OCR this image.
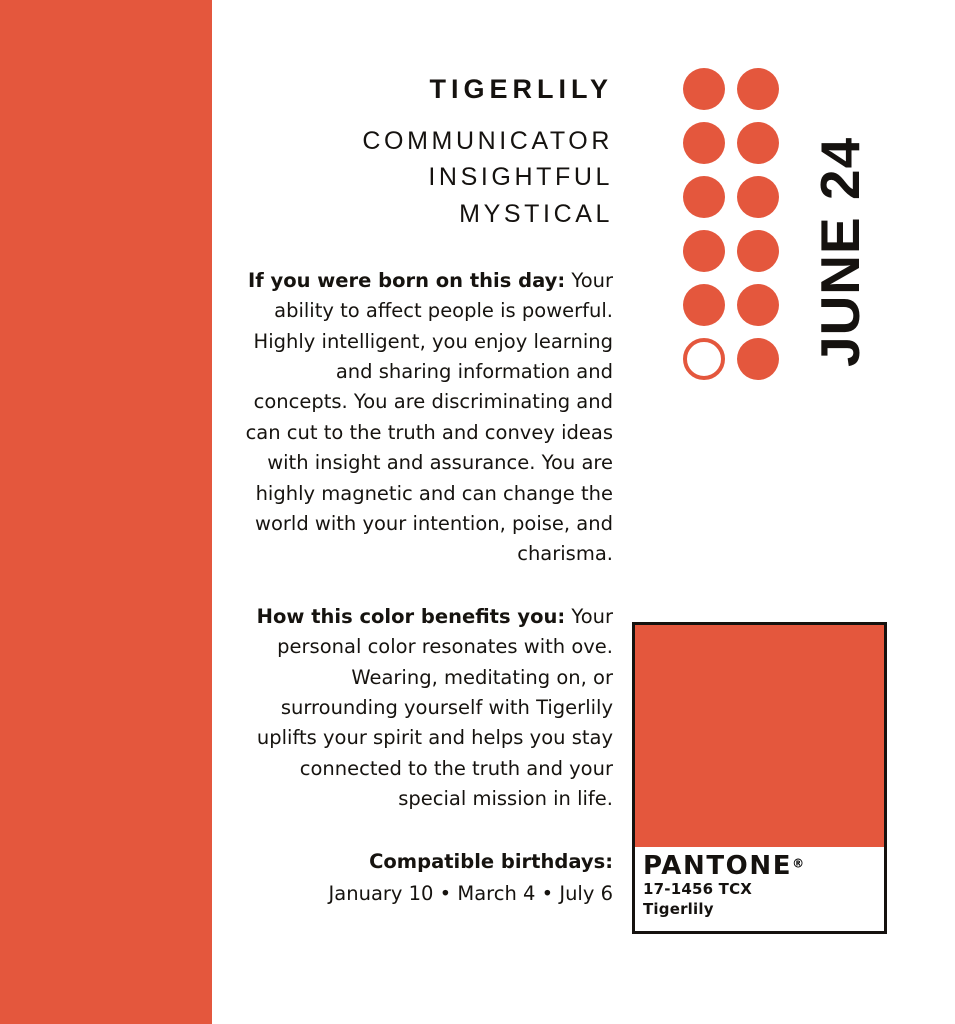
TIGERLILY
COMMUNICATOR
INSIGHTFUL
MYSTICAL
If you were born on this day: Your ability to affect people is powerful. Highly intelligent, you enjoy learning and sharing information and concepts. You are discriminating and can cut to the truth and convey ideas with insight and assurance. You are highly magnetic and can change the world with your intention, poise, and charisma.
How this color benefits you: Your personal color resonates with ove. Wearing, meditating on, or surrounding yourself with Tigerlily uplifts your spirit and helps you stay connected to the truth and your special mission in life.
Compatible birthdays:
January 10 • March 4 • July 6
JUNE 24
PANTONE®
17-1456 TCX
Tigerlily
